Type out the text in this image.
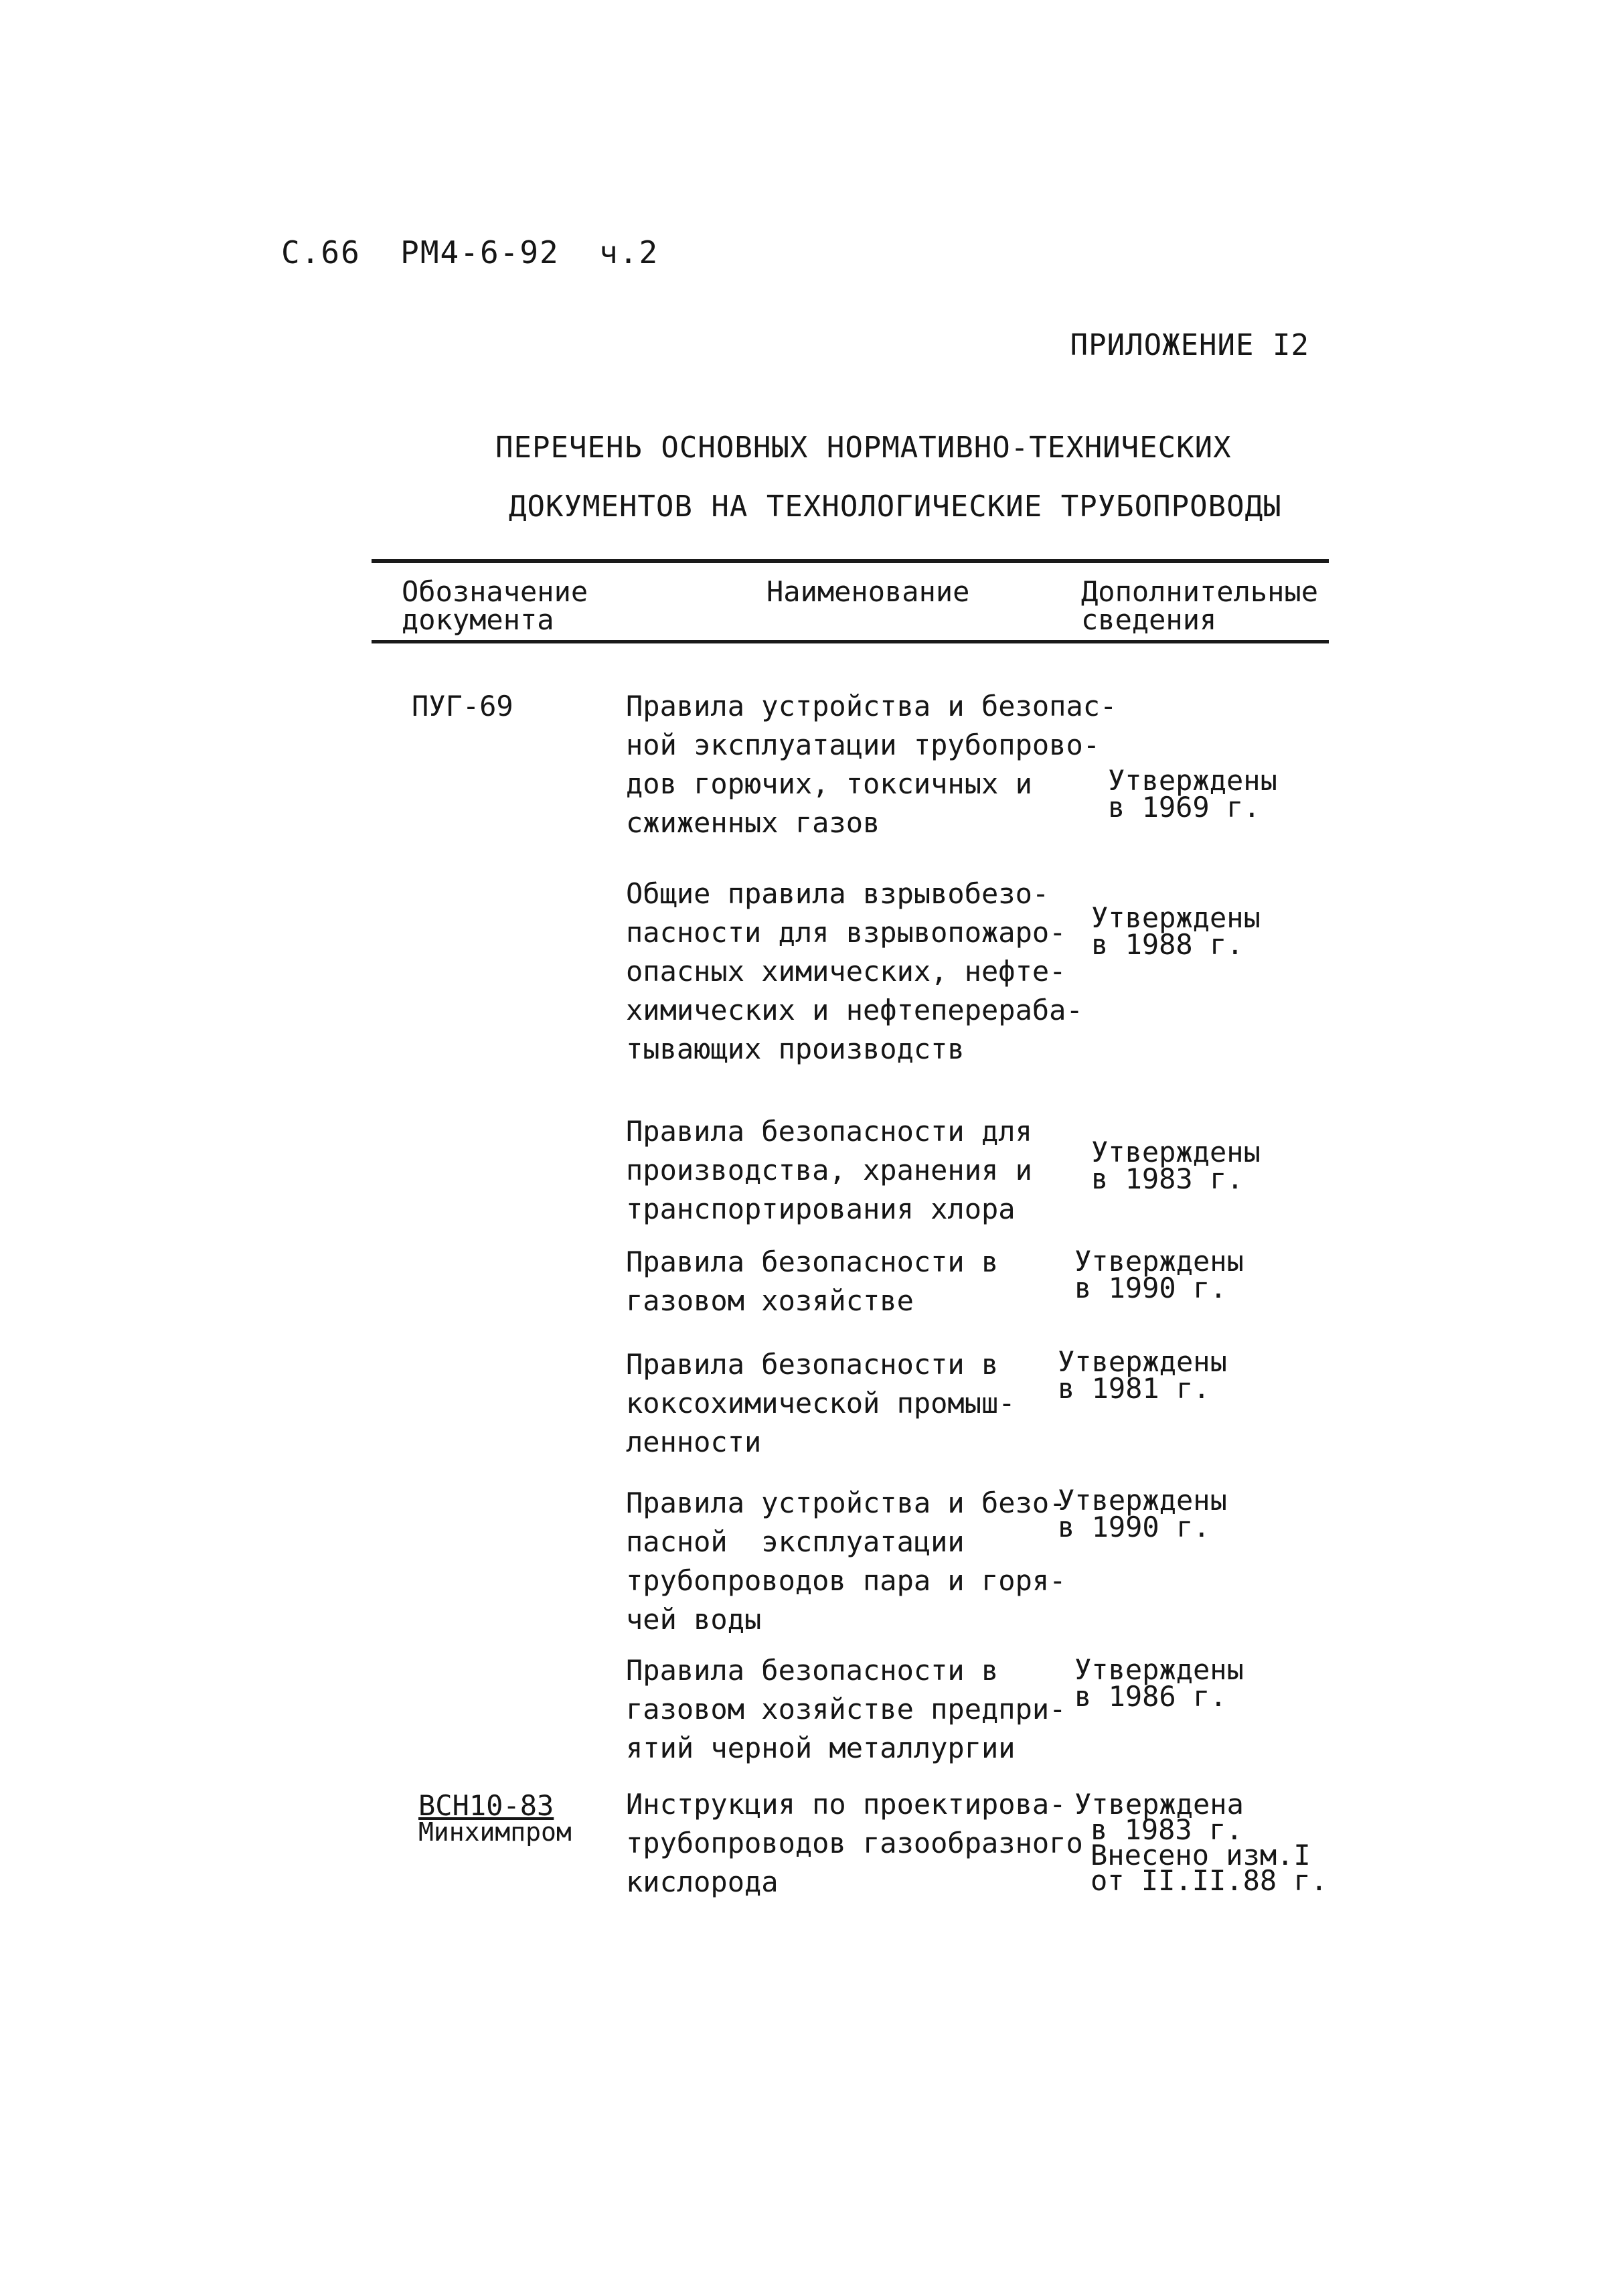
С.66  РМ4-6-92  ч.2
ПРИЛОЖЕНИЕ I2
ПЕРЕЧЕНЬ ОСНОВНЫХ НОРМАТИВНО-ТЕХНИЧЕСКИХ
ДОКУМЕНТОВ НА ТЕХНОЛОГИЧЕСКИЕ ТРУБОПРОВОДЫ
Обозначение
документа
Наименование	Дополнительные
сведения
ПУГ-69	Правила устройства и безопас-
ной эксплуатации трубопрово-
дов горючих, токсичных и
сжиженных газов
Утверждены
в 1969 г.
Общие правила взрывобезо-
пасности для взрывопожаро-
опасных химических, нефте-
химических и нефтеперераба-
тывающих производств
Утверждены
в 1988 г.
Правила безопасности для
производства, хранения и
транспортирования хлора
Утверждены
в 1983 г.
Правила безопасности в
газовом хозяйстве
Утверждены
в 1990 г.
Правила безопасности в
коксохимической промыш-
ленности
Утверждены
в 1981 г.
Правила устройства и безо-
пасной  эксплуатации
трубопроводов пара и горя-
чей воды
Утверждены
в 1990 г.
Правила безопасности в
газовом хозяйстве предпри-
ятий черной металлургии
Утверждены
в 1986 г.
ВСН10-83
Минхимпром
Инструкция по проектирова-
трубопроводов газообразного
кислорода
Утверждена
в 1983 г.
Внесено изм.I
от II.II.88 г.
